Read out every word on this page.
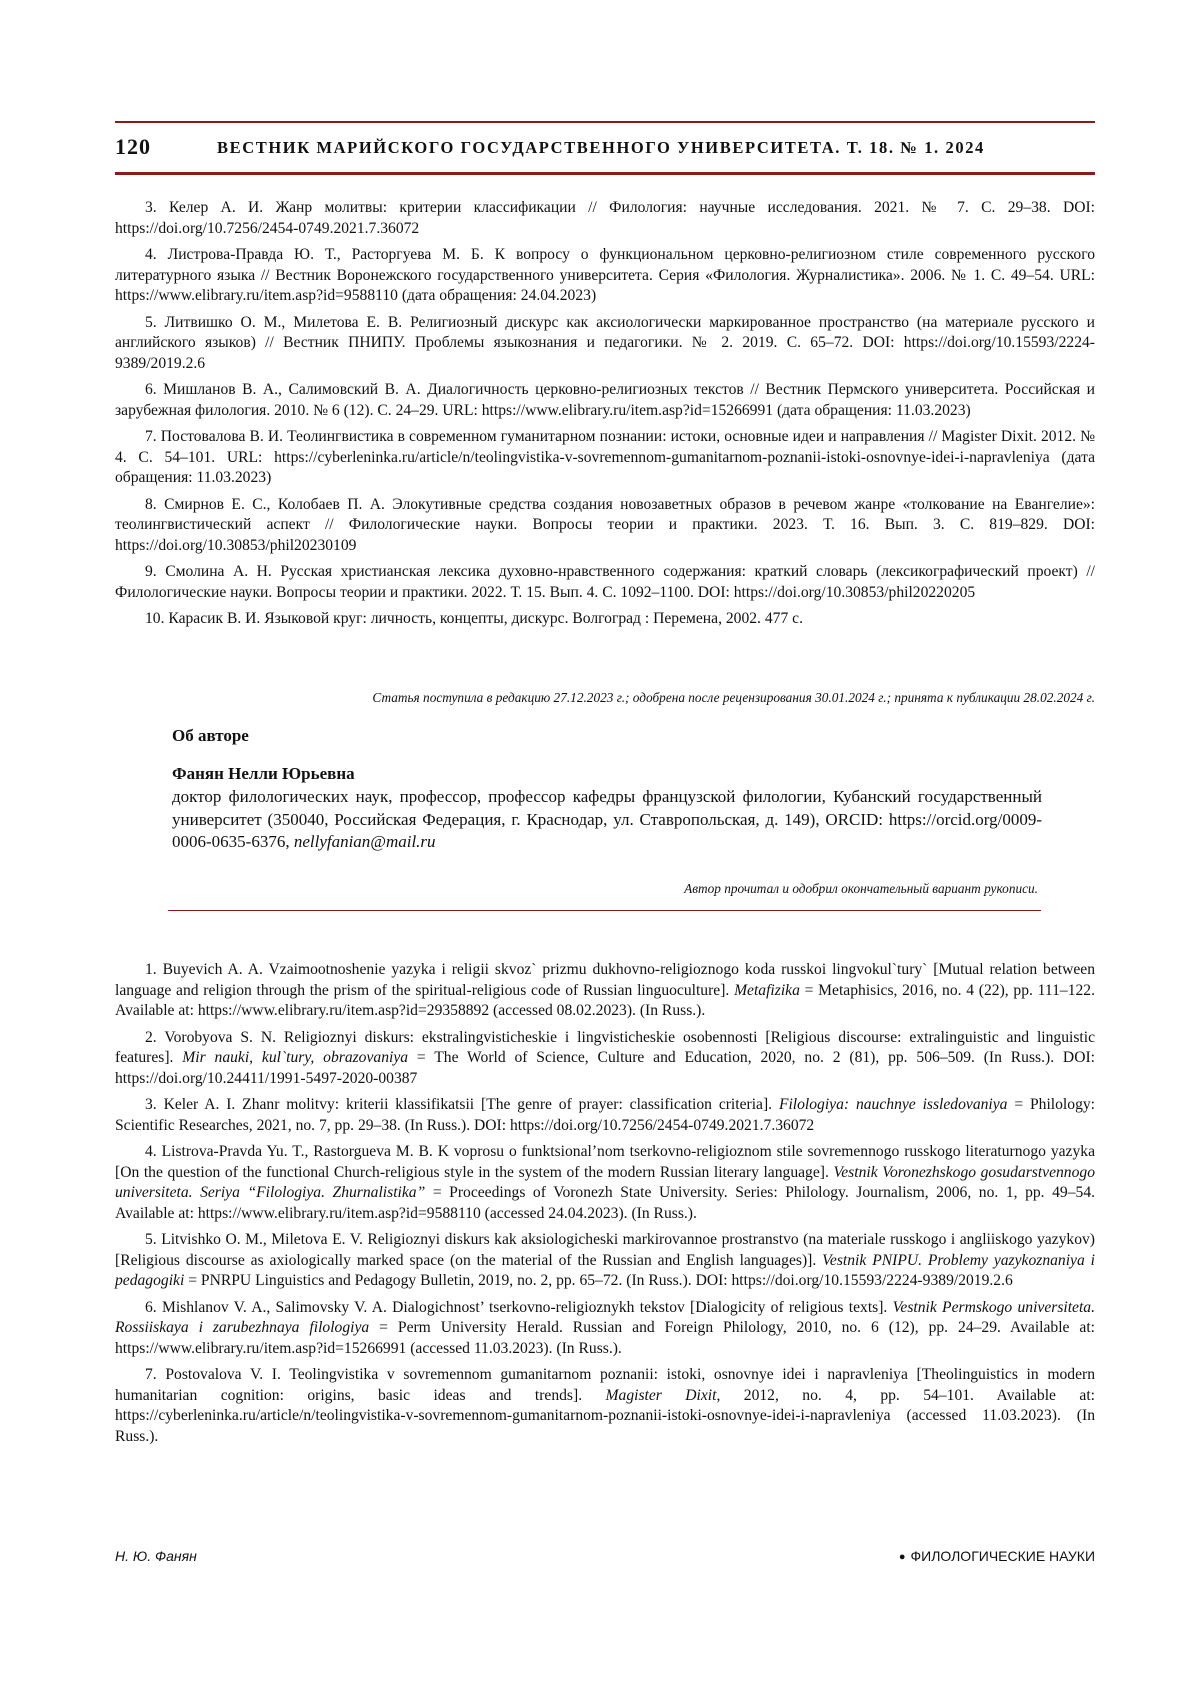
120	ВЕСТНИК МАРИЙСКОГО ГОСУДАРСТВЕННОГО УНИВЕРСИТЕТА. Т. 18. № 1. 2024

3. Келер А. И. Жанр молитвы: критерии классификации // Филология: научные исследования. 2021. № 7. С. 29–38. DOI: https://doi.org/10.7256/2454-0749.2021.7.36072

4. Листрова-Правда Ю. Т., Расторгуева М. Б. К вопросу о функциональном церковно-религиозном стиле современного русского литературного языка // Вестник Воронежского государственного университета. Серия «Филология. Журналистика». 2006. № 1. С. 49–54. URL: https://www.elibrary.ru/item.asp?id=9588110 (дата обращения: 24.04.2023)

5. Литвишко О. М., Милетова Е. В. Религиозный дискурс как аксиологически маркированное пространство (на материале русского и английского языков) // Вестник ПНИПУ. Проблемы языкознания и педагогики. № 2. 2019. С. 65–72. DOI: https://doi.org/10.15593/2224-9389/2019.2.6

6. Мишланов В. А., Салимовский В. А. Диалогичность церковно-религиозных текстов // Вестник Пермского университета. Российская и зарубежная филология. 2010. № 6 (12). С. 24–29. URL: https://www.elibrary.ru/item.asp?id=15266991 (дата обращения: 11.03.2023)

7. Постовалова В. И. Теолингвистика в современном гуманитарном познании: истоки, основные идеи и направления // Magister Dixit. 2012. № 4. С. 54–101. URL: https://cyberleninka.ru/article/n/teolingvistika-v-sovremennom-gumanitarnom-poznanii-istoki-osnovnye-idei-i-napravleniya (дата обращения: 11.03.2023)

8. Смирнов Е. С., Колобаев П. А. Элокутивные средства создания новозаветных образов в речевом жанре «толкование на Евангелие»: теолингвистический аспект // Филологические науки. Вопросы теории и практики. 2023. Т. 16. Вып. 3. С. 819–829. DOI: https://doi.org/10.30853/phil20230109

9. Смолина А. Н. Русская христианская лексика духовно-нравственного содержания: краткий словарь (лексикографический проект) // Филологические науки. Вопросы теории и практики. 2022. Т. 15. Вып. 4. С. 1092–1100. DOI: https://doi.org/10.30853/phil20220205

10. Карасик В. И. Языковой круг: личность, концепты, дискурс. Волгоград : Перемена, 2002. 477 с.

Статья поступила в редакцию 27.12.2023 г.; одобрена после рецензирования 30.01.2024 г.; принята к публикации 28.02.2024 г.
Об авторе
Фанян Нелли Юрьевна
доктор филологических наук, профессор, профессор кафедры французской филологии, Кубанский государственный университет (350040, Российская Федерация, г. Краснодар, ул. Ставропольская, д. 149), ORCID: https://orcid.org/0009-0006-0635-6376, nellyfanian@mail.ru
Автор прочитал и одобрил окончательный вариант рукописи.

1. Buyevich A. A. Vzaimootnoshenie yazyka i religii skvoz` prizmu dukhovno-religioznogo koda russkoi lingvokul`tury` [Mutual relation between language and religion through the prism of the spiritual-religious code of Russian linguoculture]. Metafizika = Metaphisics, 2016, no. 4 (22), pp. 111–122. Available at: https://www.elibrary.ru/item.asp?id=29358892 (accessed 08.02.2023). (In Russ.).

2. Vorobyova S. N. Religioznyi diskurs: ekstralingvisticheskie i lingvisticheskie osobennosti [Religious discourse: extralinguistic and linguistic features]. Mir nauki, kul`tury, obrazovaniya = The World of Science, Culture and Education, 2020, no. 2 (81), pp. 506–509. (In Russ.). DOI: https://doi.org/10.24411/1991-5497-2020-00387

3. Keler A. I. Zhanr molitvy: kriterii klassifikatsii [The genre of prayer: classification criteria]. Filologiya: nauchnye issledovaniya = Philology: Scientific Researches, 2021, no. 7, pp. 29–38. (In Russ.). DOI: https://doi.org/10.7256/2454-0749.2021.7.36072

4. Listrova-Pravda Yu. T., Rastorgueva M. B. K voprosu o funktsional’nom tserkovno-religioznom stile sovremennogo russkogo literaturnogo yazyka [On the question of the functional Church-religious style in the system of the modern Russian literary language]. Vestnik Voronezhskogo gosudarstvennogo universiteta. Seriya “Filologiya. Zhurnalistika” = Proceedings of Voronezh State University. Series: Philology. Journalism, 2006, no. 1, pp. 49–54. Available at: https://www.elibrary.ru/item.asp?id=9588110 (accessed 24.04.2023). (In Russ.).

5. Litvishko O. M., Miletova E. V. Religioznyi diskurs kak aksiologicheski markirovannoe prostranstvo (na materiale russkogo i angliiskogo yazykov) [Religious discourse as axiologically marked space (on the material of the Russian and English languages)]. Vestnik PNIPU. Problemy yazykoznaniya i pedagogiki = PNRPU Linguistics and Pedagogy Bulletin, 2019, no. 2, pp. 65–72. (In Russ.). DOI: https://doi.org/10.15593/2224-9389/2019.2.6

6. Mishlanov V. A., Salimovsky V. A. Dialogichnost’ tserkovno-religioznykh tekstov [Dialogicity of religious texts]. Vestnik Permskogo universiteta. Rossiiskaya i zarubezhnaya filologiya = Perm University Herald. Russian and Foreign Philology, 2010, no. 6 (12), pp. 24–29. Available at: https://www.elibrary.ru/item.asp?id=15266991 (accessed 11.03.2023). (In Russ.).

7. Postovalova V. I. Teolingvistika v sovremennom gumanitarnom poznanii: istoki, osnovnye idei i napravleniya [Theolinguistics in modern humanitarian cognition: origins, basic ideas and trends]. Magister Dixit, 2012, no. 4, pp. 54–101. Available at: https://cyberleninka.ru/article/n/teolingvistika-v-sovremennom-gumanitarnom-poznanii-istoki-osnovnye-idei-i-napravleniya (accessed 11.03.2023). (In Russ.).

Н. Ю. Фанян	● ФИЛОЛОГИЧЕСКИЕ НАУКИ
